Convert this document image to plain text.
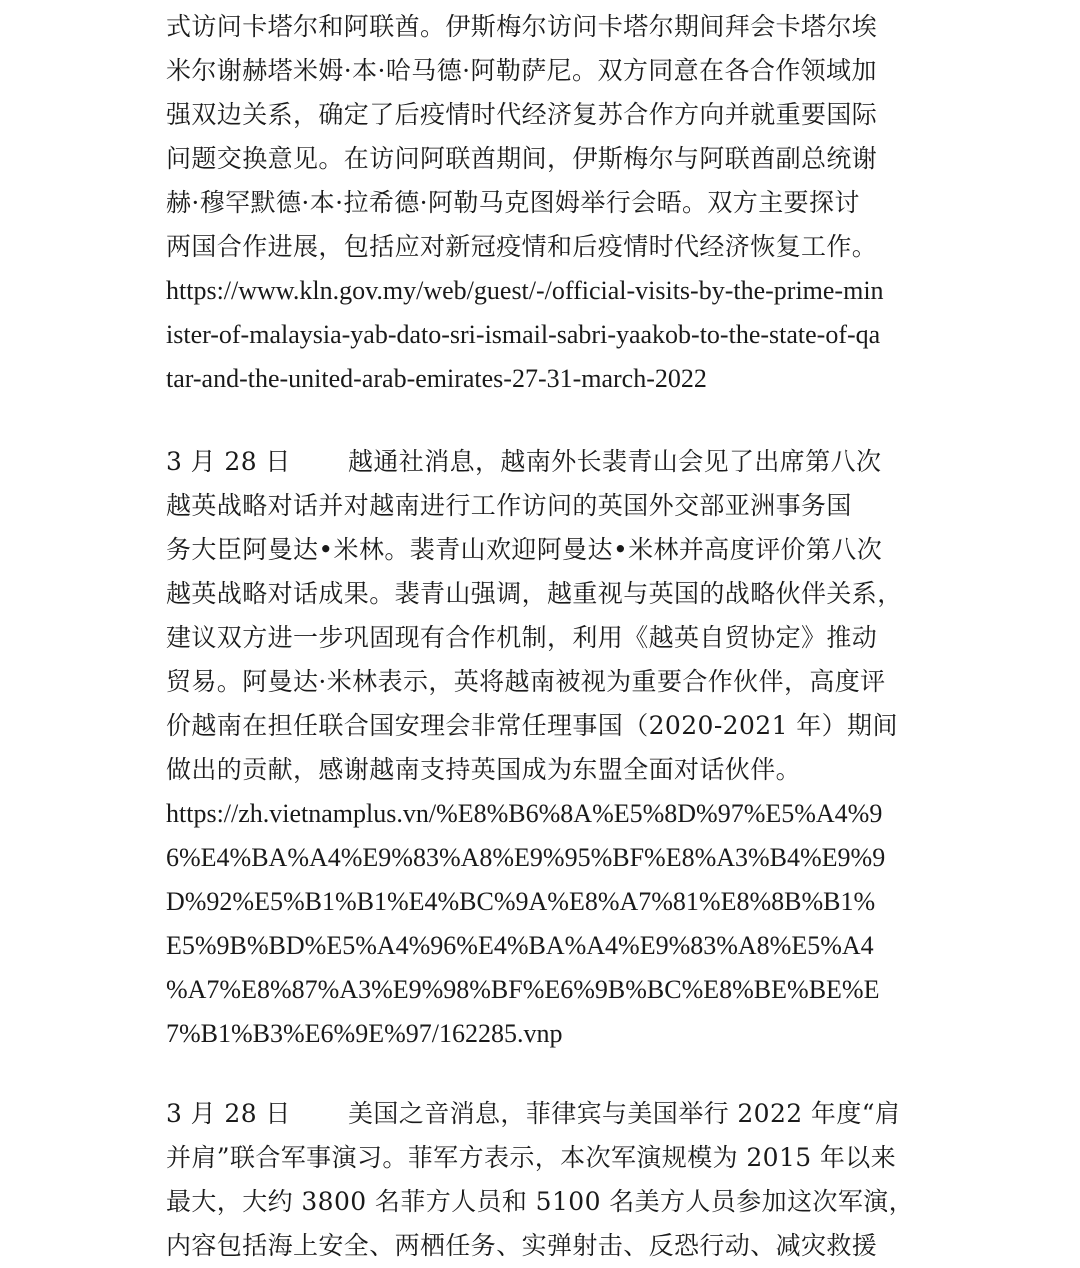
式访问卡塔尔和阿联酋。伊斯梅尔访问卡塔尔期间拜会卡塔尔埃
米尔谢赫塔米姆·本·哈马德·阿勒萨尼。双方同意在各合作领域加
强双边关系，确定了后疫情时代经济复苏合作方向并就重要国际
问题交换意见。在访问阿联酋期间，伊斯梅尔与阿联酋副总统谢
赫·穆罕默德·本·拉希德·阿勒马克图姆举行会晤。双方主要探讨
两国合作进展，包括应对新冠疫情和后疫情时代经济恢复工作。
https://www.kln.gov.my/web/guest/-/official-visits-by-the-prime-min
ister-of-malaysia-yab-dato-sri-ismail-sabri-yaakob-to-the-state-of-qa
tar-and-the-united-arab-emirates-27-31-march-2022
3 月 28 日 越通社消息，越南外长裴青山会见了出席第八次
越英战略对话并对越南进行工作访问的英国外交部亚洲事务国
务大臣阿曼达•米林。裴青山欢迎阿曼达•米林并高度评价第八次
越英战略对话成果。裴青山强调，越重视与英国的战略伙伴关系，
建议双方进一步巩固现有合作机制，利用《越英自贸协定》推动
贸易。阿曼达·米林表示，英将越南被视为重要合作伙伴，高度评
价越南在担任联合国安理会非常任理事国（2020-2021 年）期间
做出的贡献，感谢越南支持英国成为东盟全面对话伙伴。
https://zh.vietnamplus.vn/%E8%B6%8A%E5%8D%97%E5%A4%9
6%E4%BA%A4%E9%83%A8%E9%95%BF%E8%A3%B4%E9%9
D%92%E5%B1%B1%E4%BC%9A%E8%A7%81%E8%8B%B1%
E5%9B%BD%E5%A4%96%E4%BA%A4%E9%83%A8%E5%A4
%A7%E8%87%A3%E9%98%BF%E6%9B%BC%E8%BE%BE%E
7%B1%B3%E6%9E%97/162285.vnp
3 月 28 日 美国之音消息，菲律宾与美国举行 2022 年度“肩
并肩”联合军事演习。菲军方表示，本次军演规模为 2015 年以来
最大，大约 3800 名菲方人员和 5100 名美方人员参加这次军演，
内容包括海上安全、两栖任务、实弹射击、反恐行动、减灾救援
